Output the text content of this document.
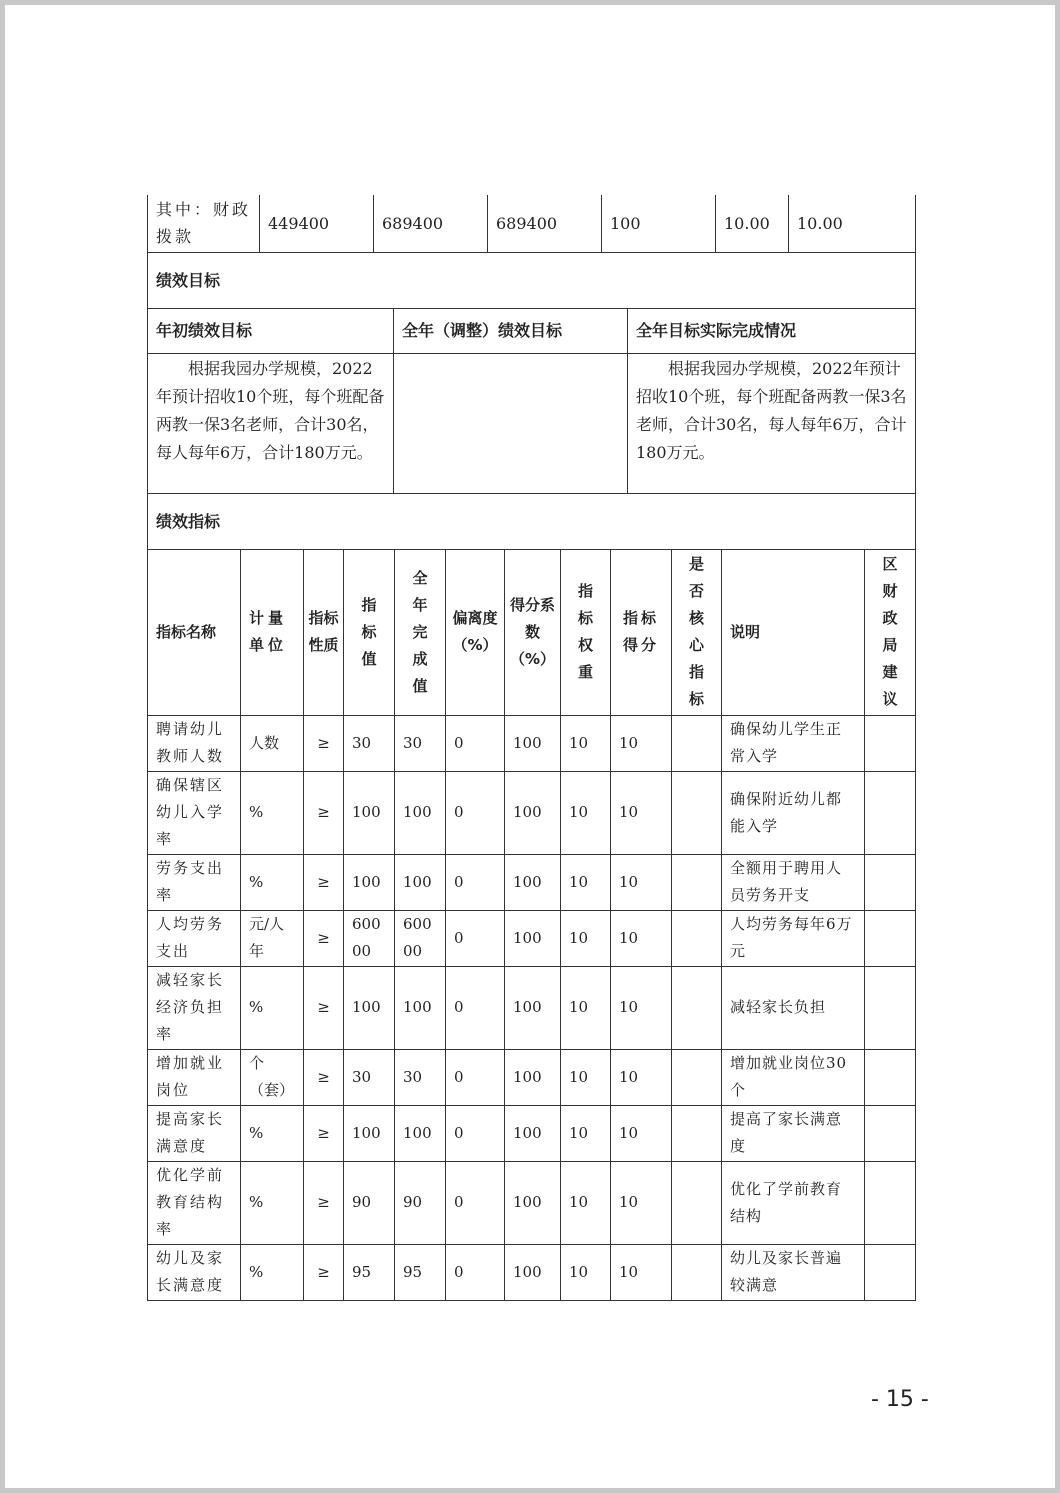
其中：财政拨款	449400	689400	689400	100	10.00	10.00
绩效目标		
年初绩效目标	全年（调整）绩效目标	全年目标实际完成情况
根据我园办学规模，2022年预计招收10个班，每个班配备两教一保3名老师，合计30名，每人每年6万，合计180万元。		根据我园办学规模，2022年预计招收10个班，每个班配备两教一保3名老师，合计30名，每人每年6万，合计180万元。
绩效指标		
指标名称	计量单位	指标性质	指标值	全年完成值	偏离度（%）	得分系数（%）	指标权重	指标得分	是否核心指标	说明	区财政局建议
聘请幼儿教师人数	人数	≥	30	30	0	100	10	10		确保幼儿学生正常入学	
确保辖区幼儿入学率	%	≥	100	100	0	100	10	10		确保附近幼儿都能入学	
劳务支出率	%	≥	100	100	0	100	10	10		全额用于聘用人员劳务开支	
人均劳务支出	元/人年	≥	60000	60000	0	100	10	10		人均劳务每年6万元	
减轻家长经济负担率	%	≥	100	100	0	100	10	10		减轻家长负担	
增加就业岗位	个（套）	≥	30	30	0	100	10	10		增加就业岗位30个	
提高家长满意度	%	≥	100	100	0	100	10	10		提高了家长满意度	
优化学前教育结构率	%	≥	90	90	0	100	10	10		优化了学前教育结构	
幼儿及家长满意度	%	≥	95	95	0	100	10	10		幼儿及家长普遍较满意	
- 15 -
